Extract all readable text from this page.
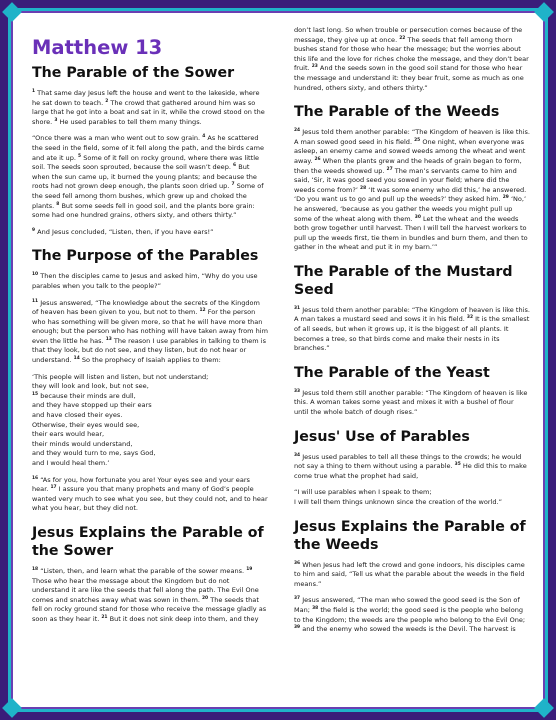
Matthew 13
The Parable of the Sower

$^1$ That same day Jesus left the house and went to the lakeside, where he sat down to teach. $^2$ The crowd that gathered around him was so large that he got into a boat and sat in it, while the crowd stood on the shore. $^3$ He used parables to tell them many things.

“Once there was a man who went out to sow grain. $^4$ As he scattered the seed in the field, some of it fell along the path, and the birds came and ate it up. $^5$ Some of it fell on rocky ground, where there was little soil. The seeds soon sprouted, because the soil wasn’t deep. $^6$ But when the sun came up, it burned the young plants; and because the roots had not grown deep enough, the plants soon dried up. $^7$ Some of the seed fell among thorn bushes, which grew up and choked the plants. $^8$ But some seeds fell in good soil, and the plants bore grain: some had one hundred grains, others sixty, and others thirty.”

$^9$ And Jesus concluded, “Listen, then, if you have ears!”

The Purpose of the Parables

$^{10}$ Then the disciples came to Jesus and asked him, “Why do you use parables when you talk to the people?”

$^{11}$ Jesus answered, “The knowledge about the secrets of the Kingdom of heaven has been given to you, but not to them. $^{12}$ For the person who has something will be given more, so that he will have more than enough; but the person who has nothing will have taken away from him even the little he has. $^{13}$ The reason I use parables in talking to them is that they look, but do not see, and they listen, but do not hear or understand. $^{14}$ So the prophecy of Isaiah applies to them:

‘This people will listen and listen, but not understand;
they will look and look, but not see,
$^{15}$ because their minds are dull,
and they have stopped up their ears
and have closed their eyes.
Otherwise, their eyes would see,
their ears would hear,
their minds would understand,
and they would turn to me, says God,
and I would heal them.’

$^{16}$ “As for you, how fortunate you are! Your eyes see and your ears hear. $^{17}$ I assure you that many prophets and many of God’s people wanted very much to see what you see, but they could not, and to hear what you hear, but they did not.

Jesus Explains the Parable of the Sower

$^{18}$ “Listen, then, and learn what the parable of the sower means. $^{19}$ Those who hear the message about the Kingdom but do not understand it are like the seeds that fell along the path. The Evil One comes and snatches away what was sown in them. $^{20}$ The seeds that fell on rocky ground stand for those who receive the message gladly as soon as they hear it. $^{21}$ But it does not sink deep into them, and they

don’t last long. So when trouble or persecution comes because of the message, they give up at once. $^{22}$ The seeds that fell among thorn bushes stand for those who hear the message; but the worries about this life and the love for riches choke the message, and they don’t bear fruit. $^{23}$ And the seeds sown in the good soil stand for those who hear the message and understand it: they bear fruit, some as much as one hundred, others sixty, and others thirty.”

The Parable of the Weeds

$^{24}$ Jesus told them another parable: “The Kingdom of heaven is like this. A man sowed good seed in his field. $^{25}$ One night, when everyone was asleep, an enemy came and sowed weeds among the wheat and went away. $^{26}$ When the plants grew and the heads of grain began to form, then the weeds showed up. $^{27}$ The man’s servants came to him and said, ‘Sir, it was good seed you sowed in your field; where did the weeds come from?’ $^{28}$ ‘It was some enemy who did this,’ he answered. ‘Do you want us to go and pull up the weeds?’ they asked him. $^{29}$ ‘No,’ he answered, ‘because as you gather the weeds you might pull up some of the wheat along with them. $^{30}$ Let the wheat and the weeds both grow together until harvest. Then I will tell the harvest workers to pull up the weeds first, tie them in bundles and burn them, and then to gather in the wheat and put it in my barn.’”

The Parable of the Mustard Seed

$^{31}$ Jesus told them another parable: “The Kingdom of heaven is like this. A man takes a mustard seed and sows it in his field. $^{32}$ It is the smallest of all seeds, but when it grows up, it is the biggest of all plants. It becomes a tree, so that birds come and make their nests in its branches.”

The Parable of the Yeast

$^{33}$ Jesus told them still another parable: “The Kingdom of heaven is like this. A woman takes some yeast and mixes it with a bushel of flour until the whole batch of dough rises.”

Jesus' Use of Parables

$^{34}$ Jesus used parables to tell all these things to the crowds; he would not say a thing to them without using a parable. $^{35}$ He did this to make come true what the prophet had said,

“I will use parables when I speak to them;
I will tell them things unknown since the creation of the world.”

Jesus Explains the Parable of the Weeds

$^{36}$ When Jesus had left the crowd and gone indoors, his disciples came to him and said, “Tell us what the parable about the weeds in the field means.”

$^{37}$ Jesus answered, “The man who sowed the good seed is the Son of Man; $^{38}$ the field is the world; the good seed is the people who belong to the Kingdom; the weeds are the people who belong to the Evil One; $^{39}$ and the enemy who sowed the weeds is the Devil. The harvest is
